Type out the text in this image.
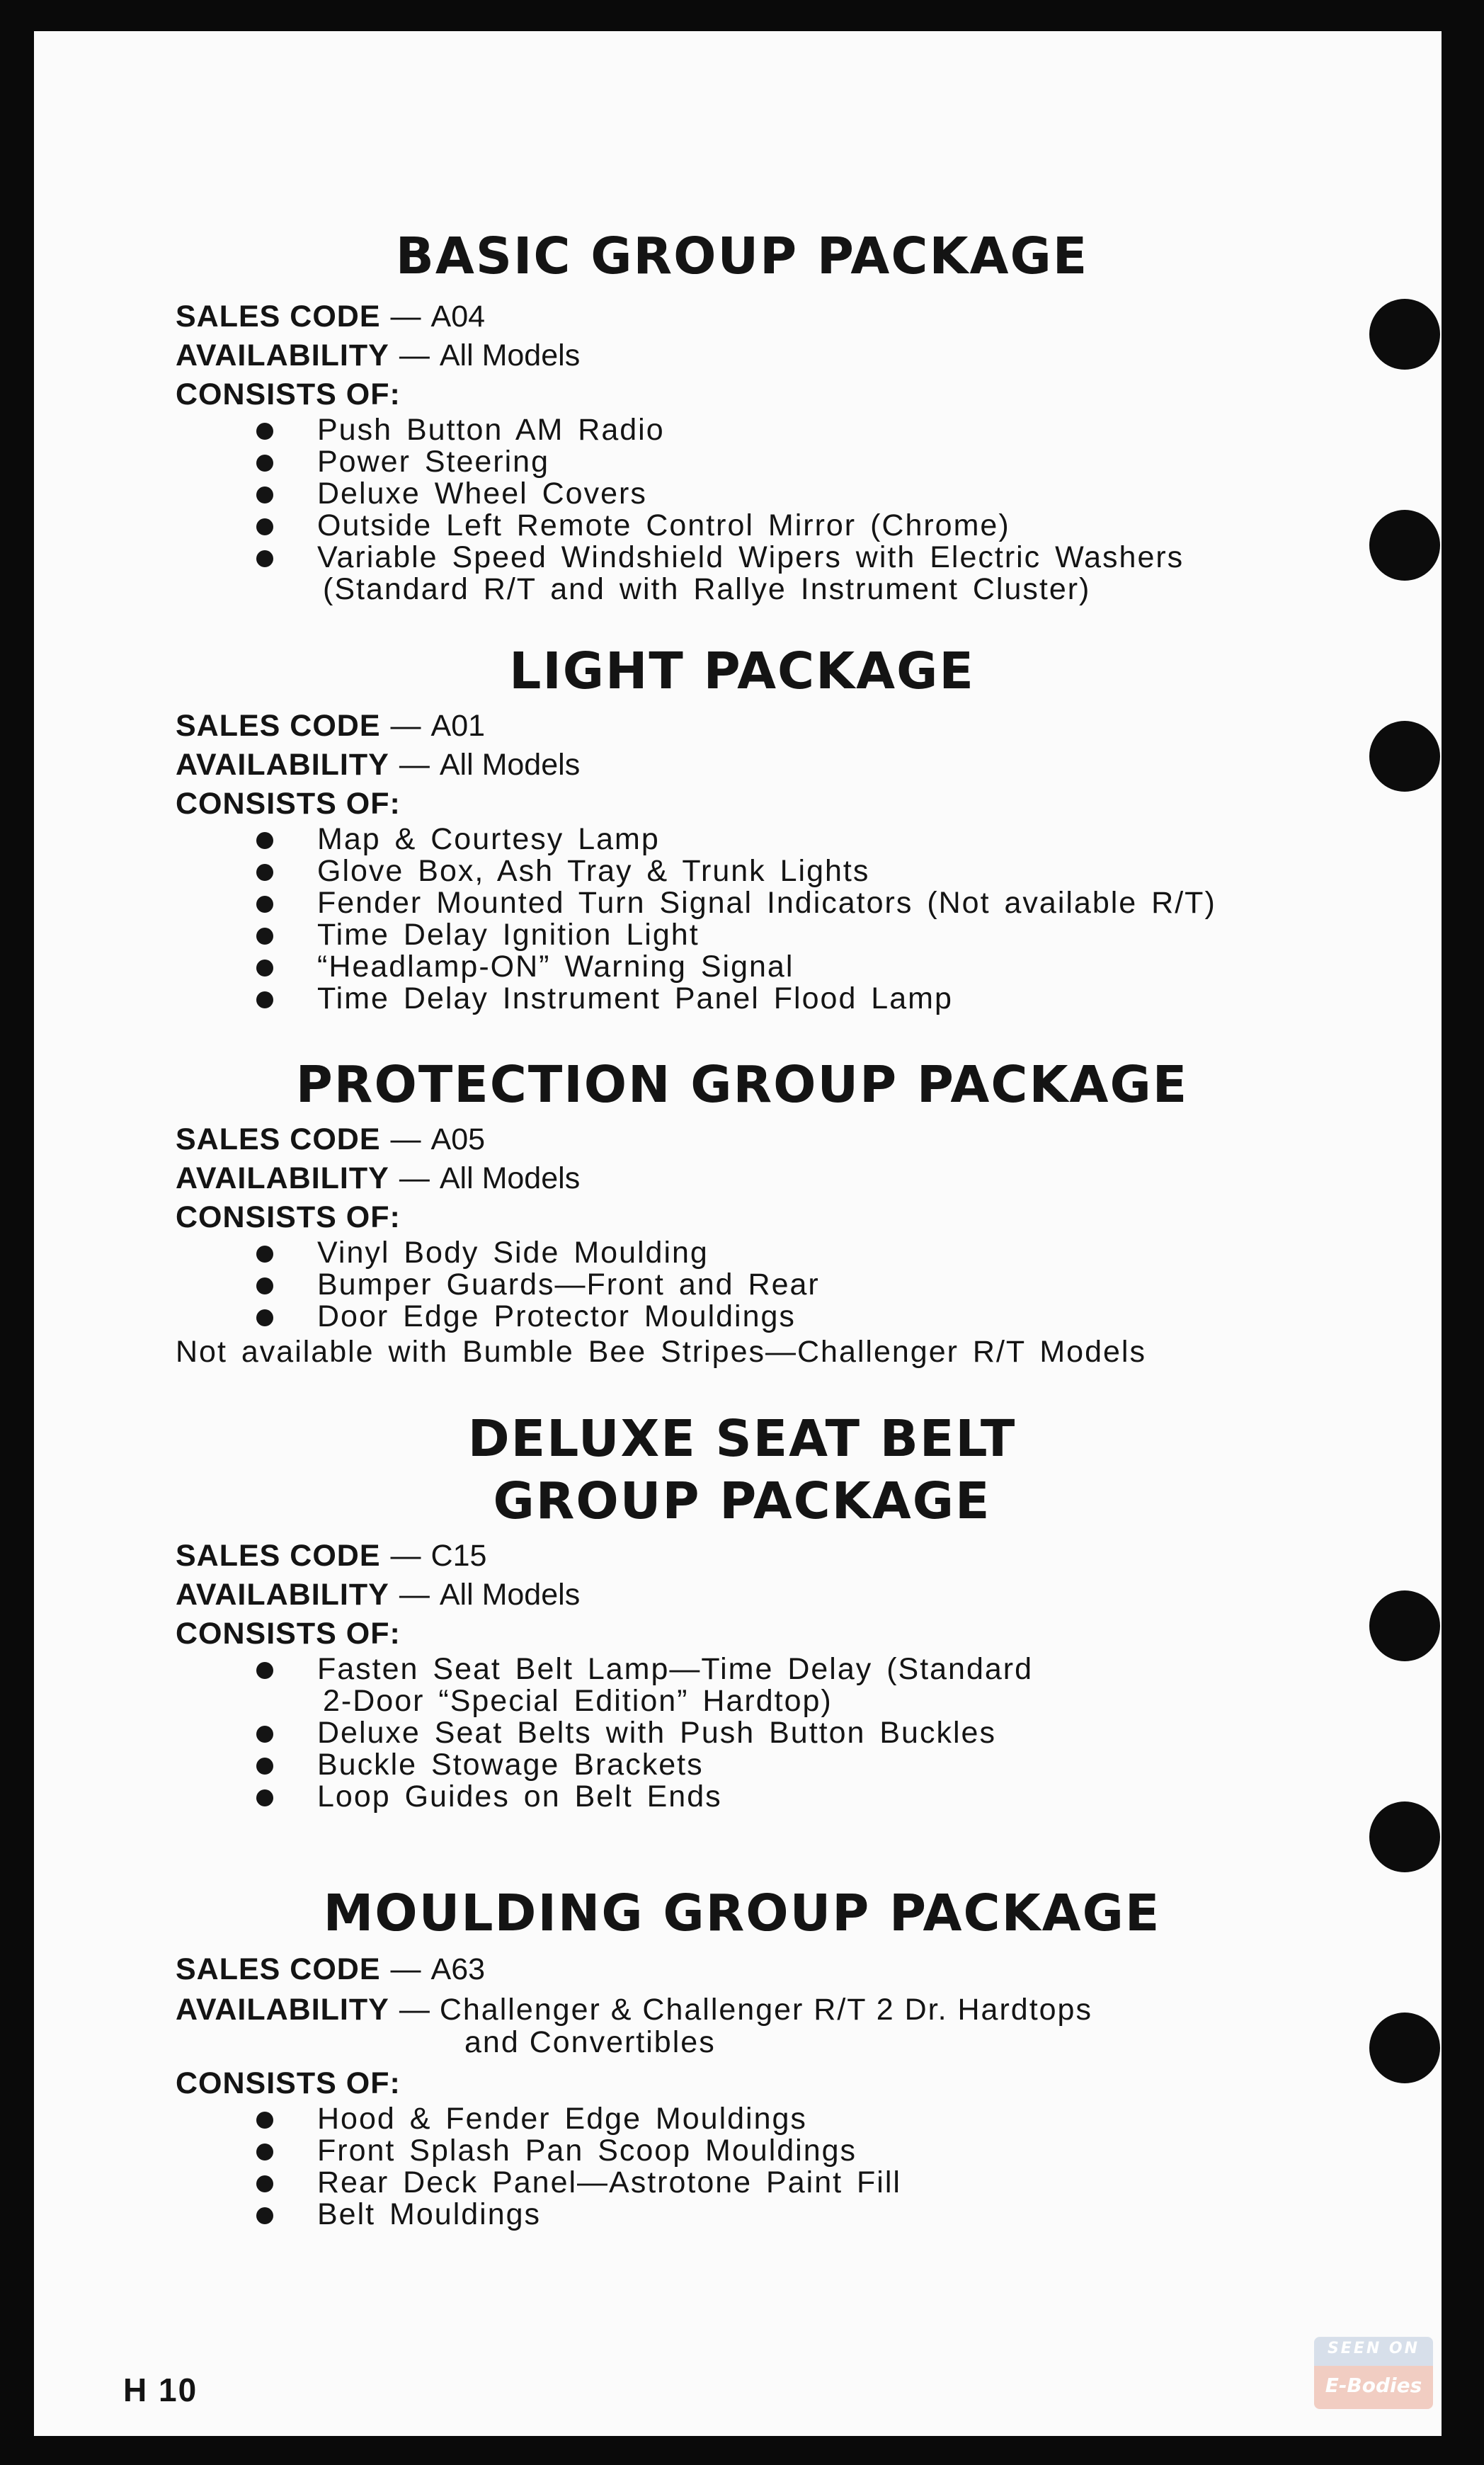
BASIC GROUP PACKAGE

SALES CODE — A04

AVAILABILITY — All Models

CONSISTS OF:

Push Button AM Radio
Power Steering
Deluxe Wheel Covers
Outside Left Remote Control Mirror (Chrome)
Variable Speed Windshield Wipers with Electric Washers
(Standard R/T and with Rallye Instrument Cluster)
LIGHT PACKAGE

SALES CODE — A01

AVAILABILITY — All Models

CONSISTS OF:

Map & Courtesy Lamp
Glove Box, Ash Tray & Trunk Lights
Fender Mounted Turn Signal Indicators (Not available R/T)
Time Delay Ignition Light
“Headlamp-ON” Warning Signal
Time Delay Instrument Panel Flood Lamp
PROTECTION GROUP PACKAGE

SALES CODE — A05

AVAILABILITY — All Models

CONSISTS OF:

Vinyl Body Side Moulding
Bumper Guards—Front and Rear
Door Edge Protector Mouldings

Not available with Bumble Bee Stripes—Challenger R/T Models

DELUXE SEAT BELT
GROUP PACKAGE

SALES CODE — C15

AVAILABILITY — All Models

CONSISTS OF:

Fasten Seat Belt Lamp—Time Delay (Standard
2-Door “Special Edition” Hardtop)
Deluxe Seat Belts with Push Button Buckles
Buckle Stowage Brackets
Loop Guides on Belt Ends
MOULDING GROUP PACKAGE

SALES CODE — A63

AVAILABILITY — Challenger & Challenger R/T 2 Dr. Hardtops
and Convertibles

CONSISTS OF:

Hood & Fender Edge Mouldings
Front Splash Pan Scoop Mouldings
Rear Deck Panel—Astrotone Paint Fill
Belt Mouldings
H 10
SEEN ON
E-Bodies
